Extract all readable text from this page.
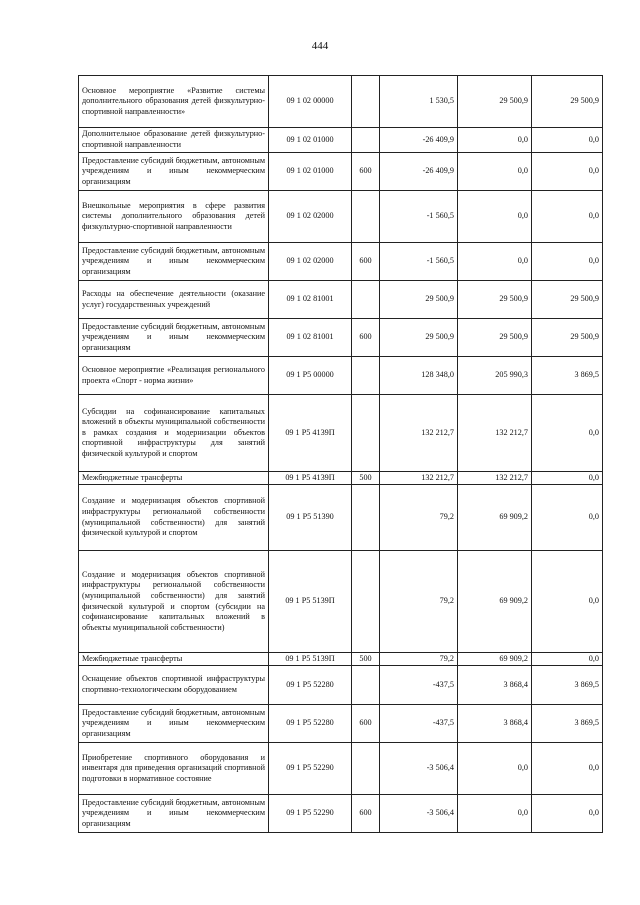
444
Основное мероприятие «Развитие системы дополнительного образования детей физкультурно-спортивной направленности»	09 1 02 00000		1 530,5	29 500,9	29 500,9
Дополнительное образование детей физкультурно-спортивной направленности	09 1 02 01000		-26 409,9	0,0	0,0
Предоставление субсидий бюджетным, автономным учреждениям и иным некоммерческим организациям	09 1 02 01000	600	-26 409,9	0,0	0,0
Внешкольные мероприятия в сфере развития системы дополнительного образования детей физкультурно-спортивной направленности	09 1 02 02000		-1 560,5	0,0	0,0
Предоставление субсидий бюджетным, автономным учреждениям и иным некоммерческим организациям	09 1 02 02000	600	-1 560,5	0,0	0,0
Расходы на обеспечение деятельности (оказание услуг) государственных учреждений	09 1 02 81001		29 500,9	29 500,9	29 500,9
Предоставление субсидий бюджетным, автономным учреждениям и иным некоммерческим организациям	09 1 02 81001	600	29 500,9	29 500,9	29 500,9
Основное мероприятие «Реализация регионального проекта «Спорт - норма жизни»	09 1 P5 00000		128 348,0	205 990,3	3 869,5
Субсидии на софинансирование капитальных вложений в объекты муниципальной собственности в рамках создания и модернизации объектов спортивной инфраструктуры для занятий физической культурой и спортом	09 1 P5 4139П		132 212,7	132 212,7	0,0
Межбюджетные трансферты	09 1 P5 4139П	500	132 212,7	132 212,7	0,0
Создание и модернизация объектов спортивной инфраструктуры региональной собственности (муниципальной собственности) для занятий физической культурой и спортом	09 1 P5 51390		79,2	69 909,2	0,0
Создание и модернизация объектов спортивной инфраструктуры региональной собственности (муниципальной собственности) для занятий физической культурой и спортом (субсидии на софинансирование капитальных вложений в объекты муниципальной собственности)	09 1 P5 5139П		79,2	69 909,2	0,0
Межбюджетные трансферты	09 1 P5 5139П	500	79,2	69 909,2	0,0
Оснащение объектов спортивной инфраструктуры спортивно-технологическим оборудованием	09 1 P5 52280		-437,5	3 868,4	3 869,5
Предоставление субсидий бюджетным, автономным учреждениям и иным некоммерческим организациям	09 1 P5 52280	600	-437,5	3 868,4	3 869,5
Приобретение спортивного оборудования и инвентаря для приведения организаций спортивной подготовки в нормативное состояние	09 1 P5 52290		-3 506,4	0,0	0,0
Предоставление субсидий бюджетным, автономным учреждениям и иным некоммерческим организациям	09 1 P5 52290	600	-3 506,4	0,0	0,0
